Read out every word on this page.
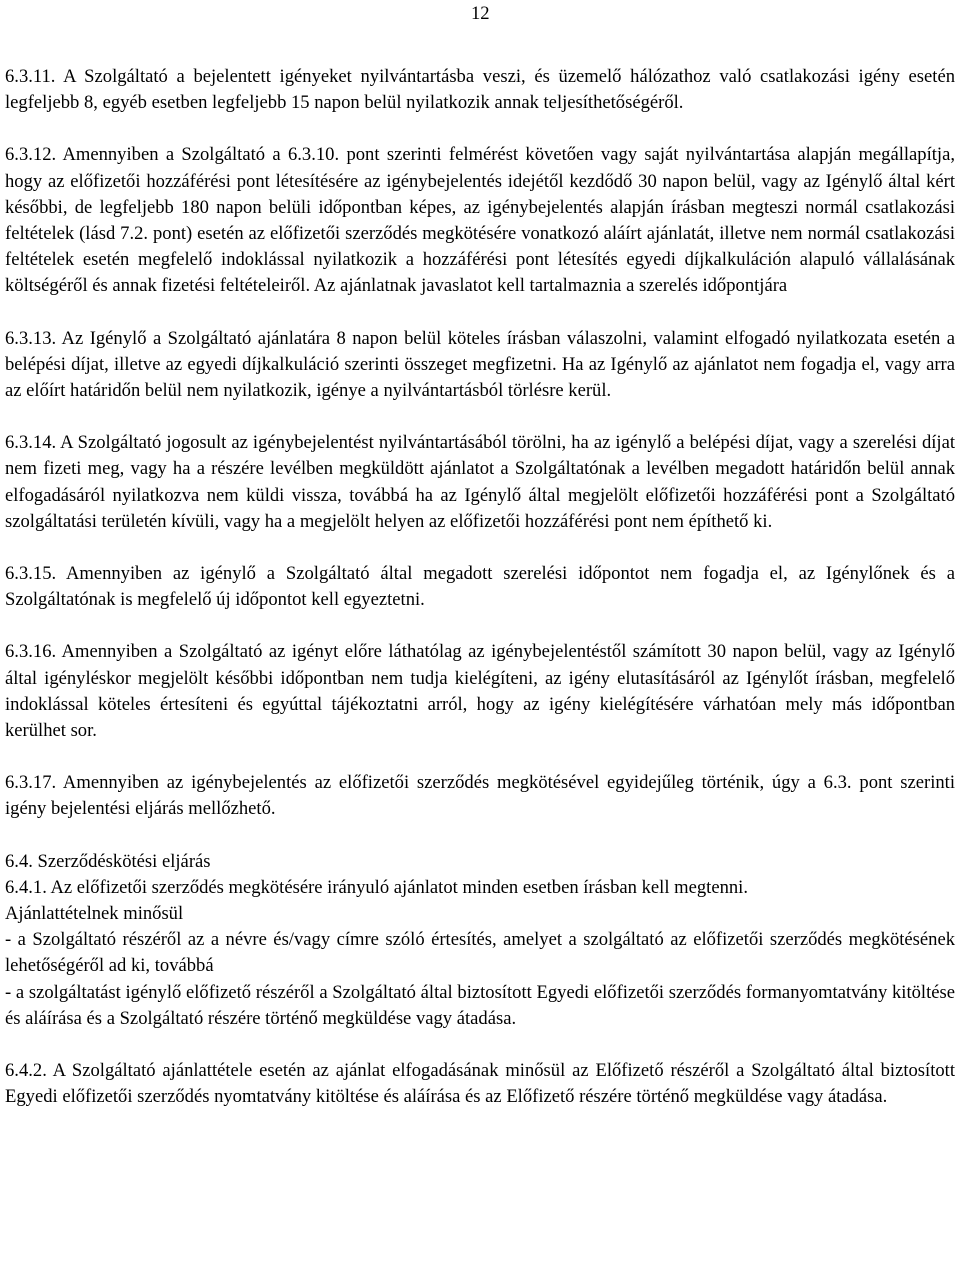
12

6.3.11. A Szolgáltató a bejelentett igényeket nyilvántartásba veszi, és üzemelő hálózathoz való csatlakozási igény esetén legfeljebb 8, egyéb esetben legfeljebb 15 napon belül nyilatkozik annak teljesíthetőségéről.

6.3.12. Amennyiben a Szolgáltató a 6.3.10. pont szerinti felmérést követően vagy saját nyilvántartása alapján megállapítja, hogy az előfizetői hozzáférési pont létesítésére az igénybejelentés idejétől kezdődő 30 napon belül, vagy az Igénylő által kért későbbi, de legfeljebb 180 napon belüli időpontban képes, az igénybejelentés alapján írásban megteszi normál csatlakozási feltételek (lásd 7.2. pont) esetén az előfizetői szerződés megkötésére vonatkozó aláírt ajánlatát, illetve nem normál csatlakozási feltételek esetén megfelelő indoklással nyilatkozik a hozzáférési pont létesítés egyedi díjkalkuláción alapuló vállalásának költségéről és annak fizetési feltételeiről. Az ajánlatnak javaslatot kell tartalmaznia a szerelés időpontjára

6.3.13. Az Igénylő a Szolgáltató ajánlatára 8 napon belül köteles írásban válaszolni, valamint elfogadó nyilatkozata esetén a belépési díjat, illetve az egyedi díjkalkuláció szerinti összeget megfizetni. Ha az Igénylő az ajánlatot nem fogadja el, vagy arra az előírt határidőn belül nem nyilatkozik, igénye a nyilvántartásból törlésre kerül.

6.3.14. A Szolgáltató jogosult az igénybejelentést nyilvántartásából törölni, ha az igénylő a belépési díjat, vagy a szerelési díjat nem fizeti meg, vagy ha a részére levélben megküldött ajánlatot a Szolgáltatónak a levélben megadott határidőn belül annak elfogadásáról nyilatkozva nem küldi vissza, továbbá ha az Igénylő által megjelölt előfizetői hozzáférési pont a Szolgáltató szolgáltatási területén kívüli, vagy ha a megjelölt helyen az előfizetői hozzáférési pont nem építhető ki.

6.3.15. Amennyiben az igénylő a Szolgáltató által megadott szerelési időpontot nem fogadja el, az Igénylőnek és a Szolgáltatónak is megfelelő új időpontot kell egyeztetni.

6.3.16. Amennyiben a Szolgáltató az igényt előre láthatólag az igénybejelentéstől számított 30 napon belül, vagy az Igénylő által igényléskor megjelölt későbbi időpontban nem tudja kielégíteni, az igény elutasításáról az Igénylőt írásban, megfelelő indoklással köteles értesíteni és egyúttal tájékoztatni arról, hogy az igény kielégítésére várhatóan mely más időpontban kerülhet sor.

6.3.17. Amennyiben az igénybejelentés az előfizetői szerződés megkötésével egyidejűleg történik, úgy a 6.3. pont szerinti igény bejelentési eljárás mellőzhető.

6.4. Szerződéskötési eljárás

6.4.1. Az előfizetői szerződés megkötésére irányuló ajánlatot minden esetben írásban kell megtenni.

Ajánlattételnek minősül

- a Szolgáltató részéről az a névre és/vagy címre szóló értesítés, amelyet a szolgáltató az előfizetői szerződés megkötésének lehetőségéről ad ki, továbbá

- a szolgáltatást igénylő előfizető részéről a Szolgáltató által biztosított Egyedi előfizetői szerződés formanyomtatvány kitöltése és aláírása és a Szolgáltató részére történő megküldése vagy átadása.

6.4.2. A Szolgáltató ajánlattétele esetén az ajánlat elfogadásának minősül az Előfizető részéről a Szolgáltató által biztosított Egyedi előfizetői szerződés nyomtatvány kitöltése és aláírása és az Előfizető részére történő megküldése vagy átadása.
